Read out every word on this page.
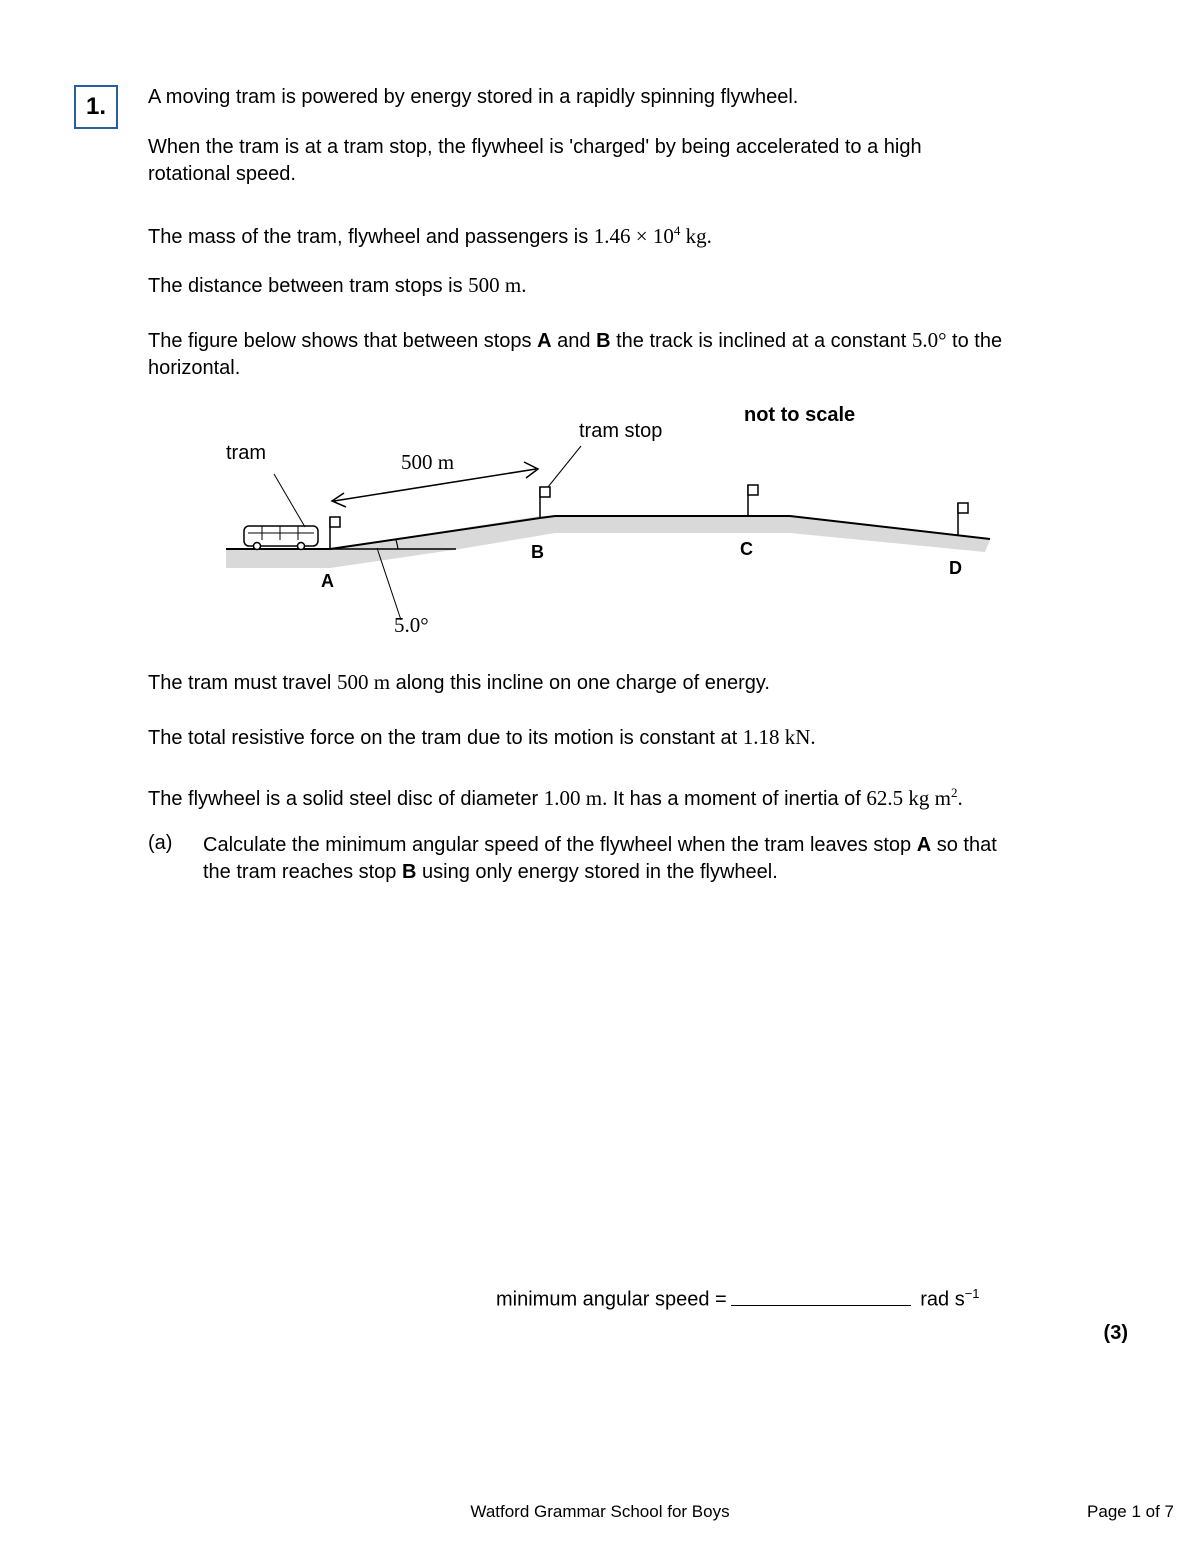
1.	A moving tram is powered by energy stored in a rapidly spinning flywheel.

When the tram is at a tram stop, the flywheel is 'charged' by being accelerated to a high
rotational speed.

The mass of the tram, flywheel and passengers is $1.46 \times 10^4$ kg.

The distance between tram stops is 500 m.

The figure below shows that between stops A and B the track is inclined at a constant 5.0° to the
horizontal.

not to scale
tram stop
tram	500 m
A
B	C
D
5.0°

The tram must travel 500 m along this incline on one charge of energy.

The total resistive force on the tram due to its motion is constant at 1.18 kN.

The flywheel is a solid steel disc of diameter 1.00 m. It has a moment of inertia of 62.5 kg $m^2$.

(a) Calculate the minimum angular speed of the flywheel when the tram leaves stop A so that
the tram reaches stop B using only energy stored in the flywheel.
minimum angular speed =	rad $s^{-1}$
(3)
Watford Grammar School for Boys	Page 1 of 7
